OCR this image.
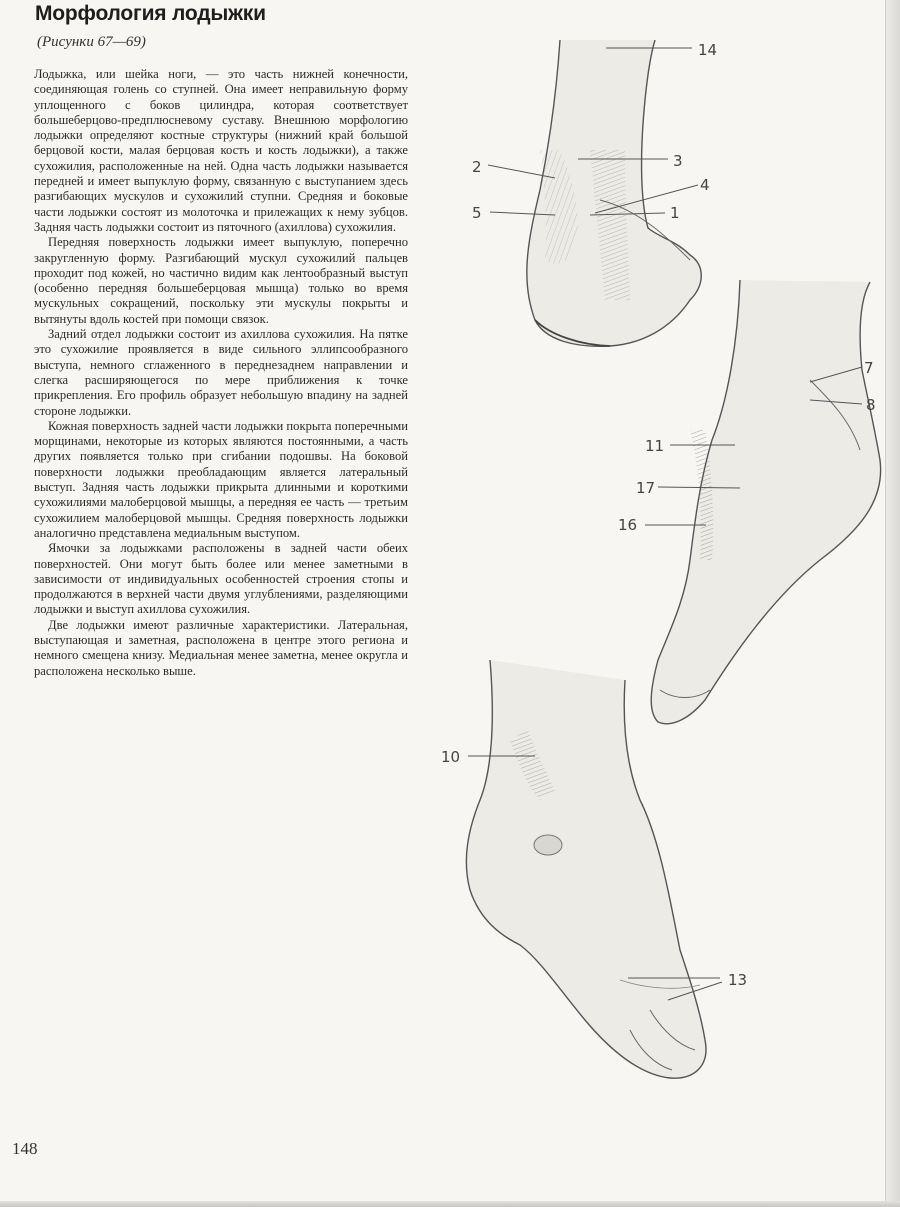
Морфология лодыжки
(Рисунки 67—69)

Лодыжка, или шейка ноги, — это часть нижней конечности, соединяющая голень со ступней. Она имеет неправильную форму уплощенного с боков цилиндра, которая соответствует большеберцово-предплюсневому суставу. Внешнюю морфологию лодыжки определяют костные структуры (нижний край большой берцовой кости, малая берцовая кость и кость лодыжки), а также сухожилия, расположенные на ней. Одна часть лодыжки называется передней и имеет выпуклую форму, связанную с выступанием здесь разгибающих мускулов и сухожилий ступни. Средняя и боковые части лодыжки состоят из молоточка и прилежащих к нему зубцов. Задняя часть лодыжки состоит из пяточного (ахиллова) сухожилия.

Передняя поверхность лодыжки имеет выпуклую, поперечно закругленную форму. Разгибающий мускул сухожилий пальцев проходит под кожей, но частично видим как лентообразный выступ (особенно передняя большеберцовая мышца) только во время мускульных сокращений, поскольку эти мускулы покрыты и вытянуты вдоль костей при помощи связок.

Задний отдел лодыжки состоит из ахиллова сухожилия. На пятке это сухожилие проявляется в виде сильного эллипсообразного выступа, немного сглаженного в переднезаднем направлении и слегка расширяющегося по мере приближения к точке прикрепления. Его профиль образует небольшую впадину на задней стороне лодыжки.

Кожная поверхность задней части лодыжки покрыта поперечными морщинами, некоторые из которых являются постоянными, а часть других появляется только при сгибании подошвы. На боковой поверхности лодыжки преобладающим является латеральный выступ. Задняя часть лодыжки прикрыта длинными и короткими сухожилиями малоберцовой мышцы, а передняя ее часть — третьим сухожилием малоберцовой мышцы. Средняя поверхность лодыжки аналогично представлена медиальным выступом.

Ямочки за лодыжками расположены в задней части обеих поверхностей. Они могут быть более или менее заметными в зависимости от индивидуальных особенностей строения стопы и продолжаются в верхней части двумя углублениями, разделяющими лодыжки и выступ ахиллова сухожилия.

Две лодыжки имеют различные характеристики. Латеральная, выступающая и заметная, расположена в центре этого региона и немного смещена книзу. Медиальная менее заметна, менее округла и расположена несколько выше.

14
2	3
4
5	1
7
8
11
17
16
10
13
148
